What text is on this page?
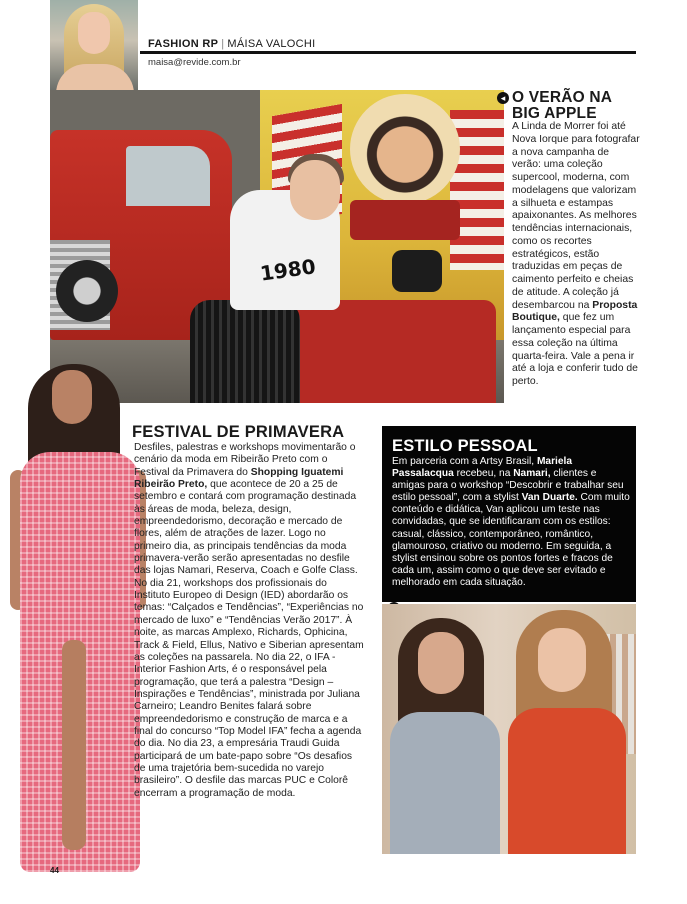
FASHION RP | MÁISA VALOCHI
maisa@revide.com.br
1980
◂ O VERÃO NA
BIG APPLE
A Linda de Morrer foi até Nova Iorque para fotografar a nova campanha de verão: uma coleção supercool, moderna, com modelagens que valorizam a silhueta e estampas apaixonantes. As melhores tendências internacionais, como os recortes estratégicos, estão traduzidas em peças de caimento perfeito e cheias de atitude. A coleção já desembarcou na Proposta Boutique, que fez um lançamento especial para essa coleção na última quarta-feira. Vale a pena ir até a loja e conferir tudo de perto.
FESTIVAL DE PRIMAVERA
Desfiles, palestras e workshops movimentarão o cenário da moda em Ribeirão Preto com o Festival da Primavera do Shopping Iguatemi Ribeirão Preto, que acontece de 20 a 25 de setembro e contará com programação destinada às áreas de moda, beleza, design, empreendedorismo, decoração e mercado de flores, além de atrações de lazer. Logo no primeiro dia, as principais tendências da moda primavera-verão serão apresentadas no desfile das lojas Namari, Reserva, Coach e Golfe Class. No dia 21, workshops dos profissionais do Instituto Europeo di Design (IED) abordarão os temas: “Calçados e Tendências”, “Experiências no mercado de luxo” e “Tendências Verão 2017”. À noite, as marcas Amplexo, Richards, Ophicina, Track & Field, Ellus, Nativo e Siberian apresentam as coleções na passarela. No dia 22, o IFA - Interior Fashion Arts, é o responsável pela programação, que terá a palestra “Design – Inspirações e Tendências”, ministrada por Juliana Carneiro; Leandro Benites falará sobre empreendedorismo e construção de marca e a final do concurso “Top Model IFA” fecha a agenda do dia. No dia 23, a empresária Traudi Guida participará de um bate-papo sobre “Os desafios de uma trajetória bem-sucedida no varejo brasileiro”. O desfile das marcas PUC e Colorê encerram a programação de moda.
ESTILO PESSOAL
Em parceria com a Artsy Brasil, Mariela Passalacqua recebeu, na Namari, clientes e amigas para o workshop “Descobrir e trabalhar seu estilo pessoal”, com a stylist Van Duarte. Com muito conteúdo e didática, Van aplicou um teste nas convidadas, que se identificaram com os estilos: casual, clássico, contemporâneo, romântico, glamouroso, criativo ou moderno. Em seguida, a stylist ensinou sobre os pontos fortes e fracos de cada um, assim como o que deve ser evitado e melhorado em cada situação.
44
